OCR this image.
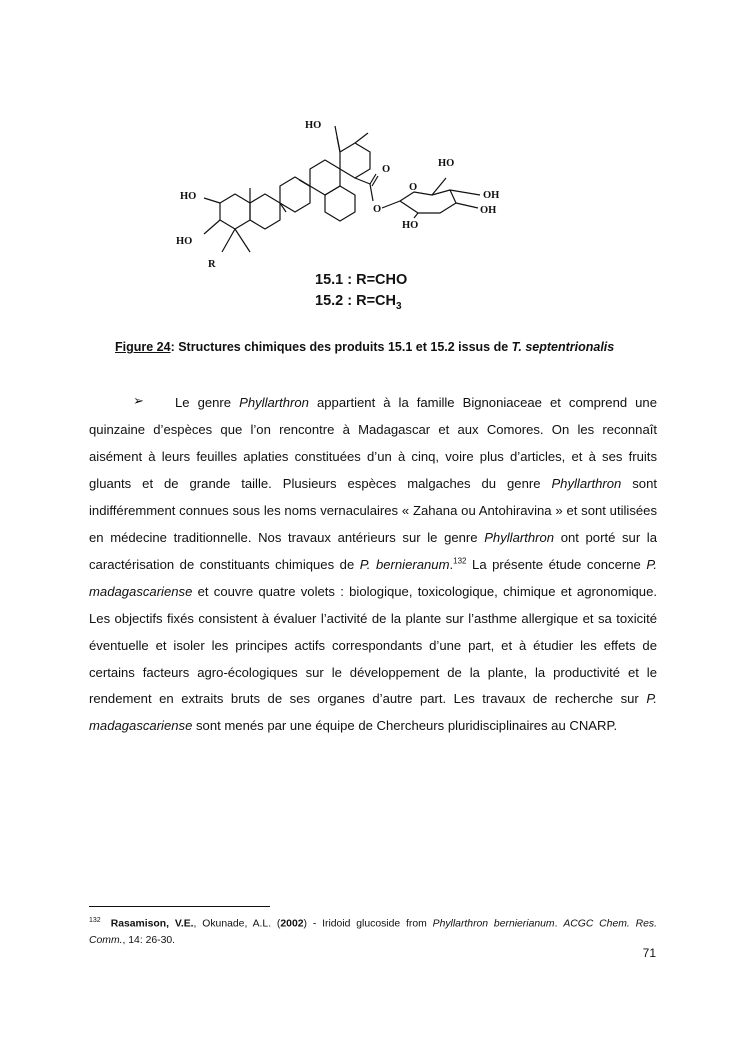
HO
HO
HO
R
O
O
O
HO
OH
OH
HO
15.1 : R=CHO
15.2 : $R=CH_3$
Figure 24: Structures chimiques des produits 15.1 et 15.2 issus de T. septentrionalis
➢	Le genre Phyllarthron appartient à la famille Bignoniaceae et comprend une quinzaine d’espèces que l’on rencontre à Madagascar et aux Comores. On les reconnaît aisément à leurs feuilles aplaties constituées d’un à cinq, voire plus d’articles, et à ses fruits gluants et de grande taille. Plusieurs espèces malgaches du genre Phyllarthron sont indifféremment connues sous les noms vernaculaires « Zahana ou Antohiravina » et sont utilisées en médecine traditionnelle. Nos travaux antérieurs sur le genre Phyllarthron ont porté sur la caractérisation de constituants chimiques de P. bernieranum.$^{132}$ La présente étude concerne P. madagascariense et couvre quatre volets : biologique, toxicologique, chimique et agronomique. Les objectifs fixés consistent à évaluer l’activité de la plante sur l’asthme allergique et sa toxicité éventuelle et isoler les principes actifs correspondants d’une part, et à étudier les effets de certains facteurs agro-écologiques sur le développement de la plante, la productivité et le rendement en extraits bruts de ses organes d’autre part. Les travaux de recherche sur P. madagascariense sont menés par une équipe de Chercheurs pluridisciplinaires au CNARP.

$^{132}$ Rasamison, V.E., Okunade, A.L. (2002) - Iridoid glucoside from Phyllarthron bernierianum. ACGC Chem. Res. Comm., 14: 26-30.

71
